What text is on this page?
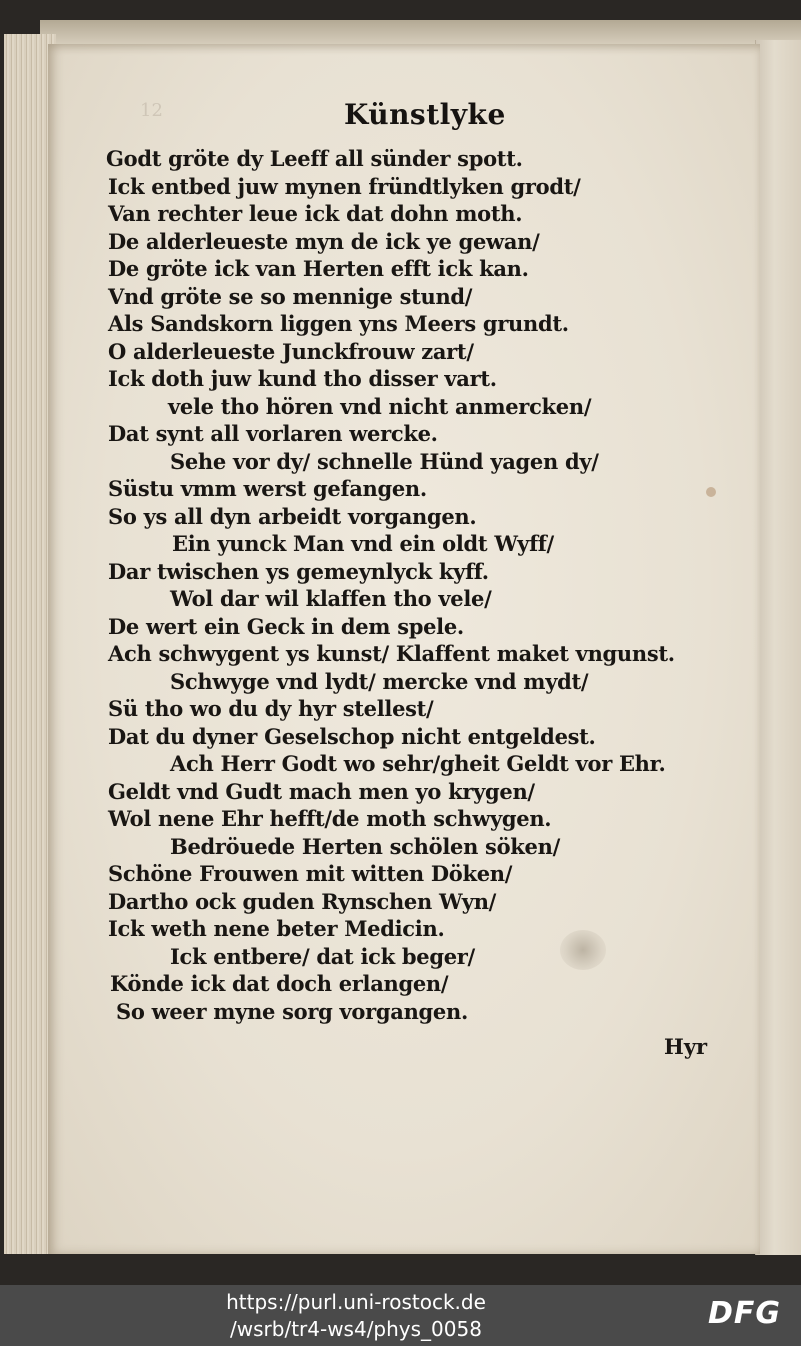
12	Künstlyke
Godt gröte dy Leeff all sünder spott.
Ick entbed juw mynen fründtlyken grodt/
Van rechter leue ick dat dohn moth.
De alderleueste myn de ick ye gewan/
De gröte ick van Herten efft ick kan.
Vnd gröte se so mennige stund/
Als Sandskorn liggen yns Meers grundt.
O alderleueste Junckfrouw zart/
Ick doth juw kund tho disser vart.
vele tho hören vnd nicht anmercken/
Dat synt all vorlaren wercke.
Sehe vor dy/ schnelle Hünd yagen dy/
Süstu vmm werst gefangen.
So ys all dyn arbeidt vorgangen.
Ein yunck Man vnd ein oldt Wyff/
Dar twischen ys gemeynlyck kyff.
Wol dar wil klaffen tho vele/
De wert ein Geck in dem spele.
Ach schwygent ys kunst/ Klaffent maket vngunst.
Schwyge vnd lydt/ mercke vnd mydt/
Sü tho wo du dy hyr stellest/
Dat du dyner Geselschop nicht entgeldest.
Ach Herr Godt wo sehr/gheit Geldt vor Ehr.
Geldt vnd Gudt mach men yo krygen/
Wol nene Ehr hefft/de moth schwygen.
Bedröuede Herten schölen söken/
Schöne Frouwen mit witten Döken/
Dartho ock guden Rynschen Wyn/
Ick weth nene beter Medicin.
Ick entbere/ dat ick beger/
Könde ick dat doch erlangen/
So weer myne sorg vorgangen.
Hyr
https://purl.uni-rostock.de
/wsrb/tr4-ws4/phys_0058	DFG
